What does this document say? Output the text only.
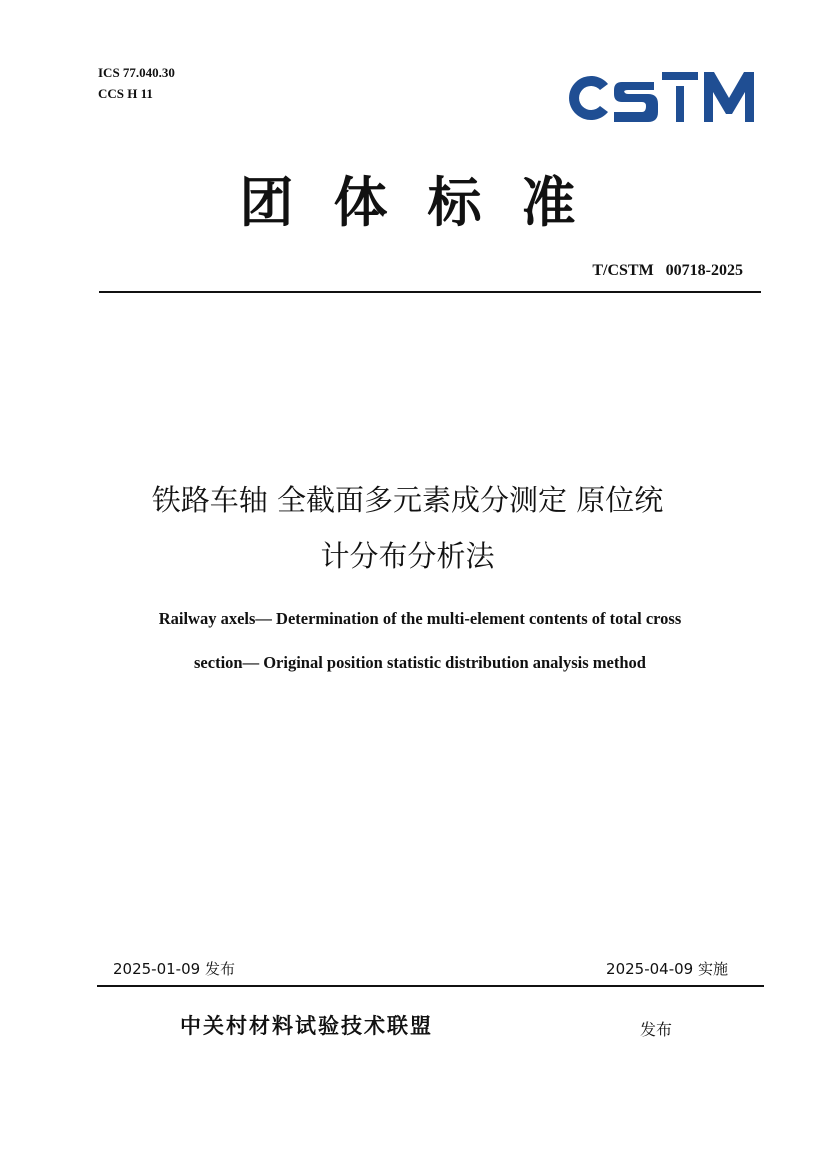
ICS 77.040.30
CCS H 11
团体标准
T/CSTM   00718-2025
铁路车轴 全截面多元素成分测定 原位统
计分布分析法
Railway axels— Determination of the multi-element contents of total cross
section— Original position statistic distribution analysis method
2025-01-09 发布	2025-04-09 实施
中关村材料试验技术联盟	发布
